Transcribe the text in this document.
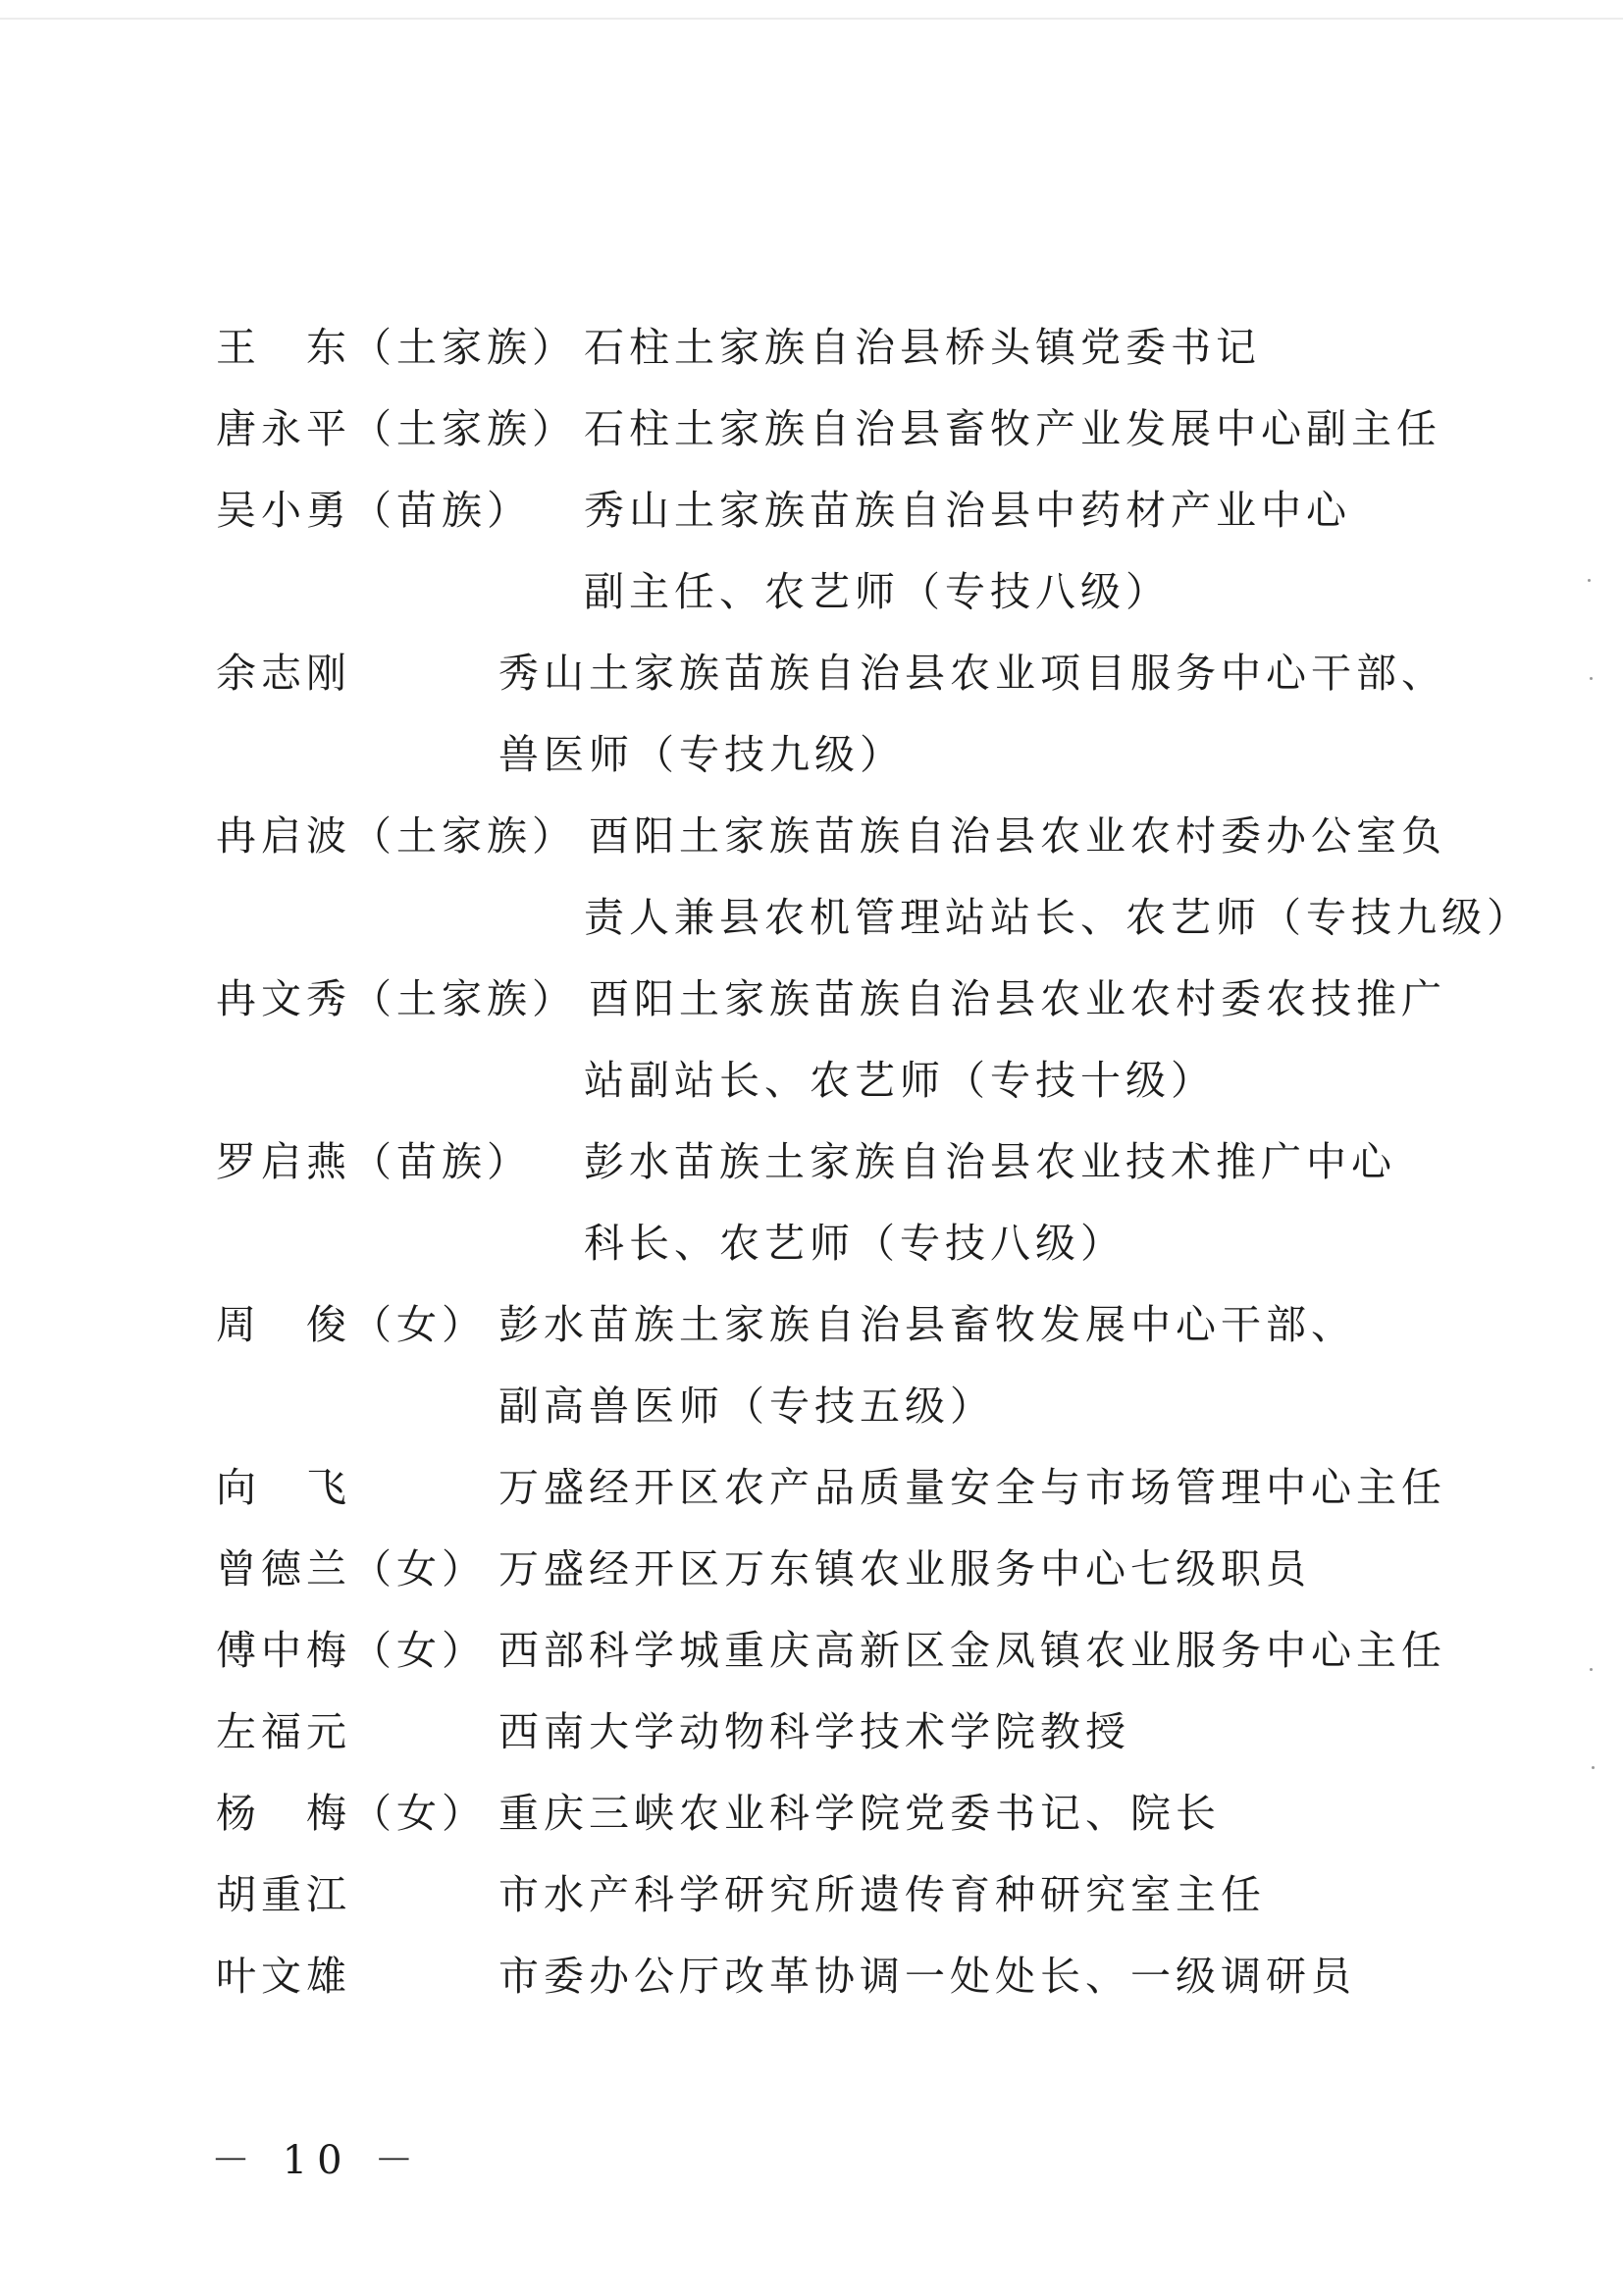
王　东（土家族） 石柱土家族自治县桥头镇党委书记
唐永平（土家族） 石柱土家族自治县畜牧产业发展中心副主任
吴小勇（苗族） 秀山土家族苗族自治县中药材产业中心
副主任、农艺师（专技八级）
余志刚	秀山土家族苗族自治县农业项目服务中心干部、
兽医师（专技九级）
冉启波（土家族） 酉阳土家族苗族自治县农业农村委办公室负
责人兼县农机管理站站长、农艺师（专技九级）
冉文秀（土家族） 酉阳土家族苗族自治县农业农村委农技推广
站副站长、农艺师（专技十级）
罗启燕（苗族） 彭水苗族土家族自治县农业技术推广中心
科长、农艺师（专技八级）
周　俊（女） 彭水苗族土家族自治县畜牧发展中心干部、
副高兽医师（专技五级）
向　飞	万盛经开区农产品质量安全与市场管理中心主任
曾德兰（女） 万盛经开区万东镇农业服务中心七级职员
傅中梅（女） 西部科学城重庆高新区金凤镇农业服务中心主任
左福元	西南大学动物科学技术学院教授
杨　梅（女） 重庆三峡农业科学院党委书记、院长
胡重江	市水产科学研究所遗传育种研究室主任
叶文雄	市委办公厅改革协调一处处长、一级调研员
－ 10 －
